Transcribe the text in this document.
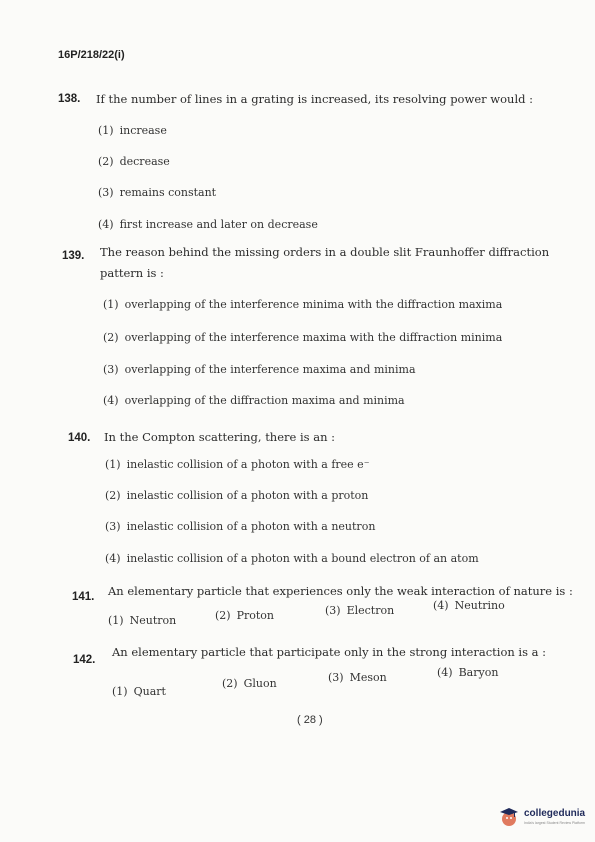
16P/218/22(i)
138. If the number of lines in a grating is increased, its resolving power would :
(1) increase
(2) decrease
(3) remains constant
(4) first increase and later on decrease
139. The reason behind the missing orders in a double slit Fraunhoffer diffraction
pattern is :
(1) overlapping of the interference minima with the diffraction maxima
(2) overlapping of the interference maxima with the diffraction minima
(3) overlapping of the interference maxima and minima
(4) overlapping of the diffraction maxima and minima
140. In the Compton scattering, there is an :
(1) inelastic collision of a photon with a free e⁻
(2) inelastic collision of a photon with a proton
(3) inelastic collision of a photon with a neutron
(4) inelastic collision of a photon with a bound electron of an atom
141. An elementary particle that experiences only the weak interaction of nature is :
(1) Neutron	(2) Proton	(3) Electron	(4) Neutrino
142.
An elementary particle that participate only in the strong interaction is a :
(1) Quart
(2) Gluon	(3) Meson	(4) Baryon
( 28 )
collegedunia
India's largest Student Review Platform
